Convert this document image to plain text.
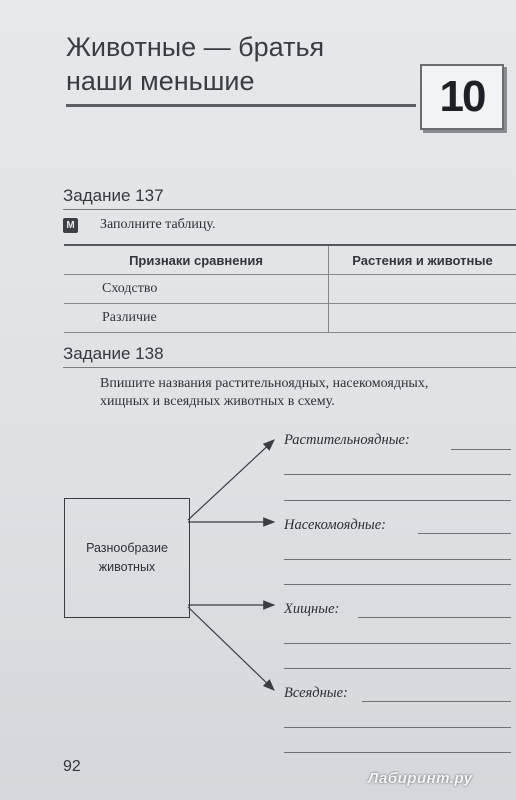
Животные — братья
наши меньшие	10
Задание 137
М Заполните таблицу.
Признаки сравнения	Растения и животные
Сходство	
Различие	
Задание 138
Впишите названия растительноядных, насекомоядных,
хищных и всеядных животных в схему.
Разнообразие
животных
Растительноядные:
Насекомоядные:
Хищные:
Всеядные:
92
Лабиринт.ру
